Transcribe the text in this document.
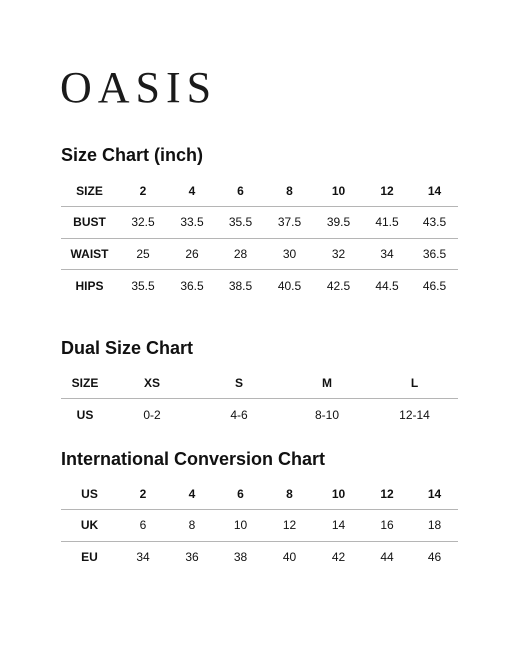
OASIS
Size Chart (inch)
SIZE	2	4	6	8	10	12	14
BUST	32.5	33.5	35.5	37.5	39.5	41.5	43.5
WAIST	25	26	28	30	32	34	36.5
HIPS	35.5	36.5	38.5	40.5	42.5	44.5	46.5
Dual Size Chart
SIZE	XS	S	M	L
US	0-2	4-6	8-10	12-14
International Conversion Chart
US	2	4	6	8	10	12	14
UK	6	8	10	12	14	16	18
EU	34	36	38	40	42	44	46
